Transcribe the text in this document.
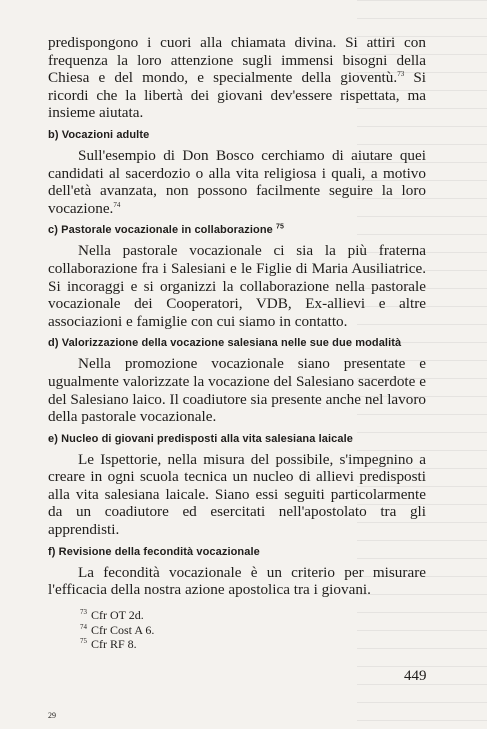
predispongono i cuori alla chiamata divina. Si attiri con frequenza la loro attenzione sugli immensi bisogni della Chiesa e del mondo, e specialmente della gioventù.$^{73}$ Si ricordi che la libertà dei giovani dev'essere rispettata, ma insieme aiutata.

b) Vocazioni adulte

Sull'esempio di Don Bosco cerchiamo di aiutare quei candidati al sacerdozio o alla vita religiosa i quali, a motivo dell'età avanzata, non possono facilmente seguire la loro vocazione.$^{74}$

c) Pastorale vocazionale in collaborazione $^{75}$

Nella pastorale vocazionale ci sia la più fraterna collaborazione fra i Salesiani e le Figlie di Maria Ausiliatrice. Si incoraggi e si organizzi la collaborazione nella pastorale vocazionale dei Cooperatori, VDB, Ex-allievi e altre associazioni e famiglie con cui siamo in contatto.

d) Valorizzazione della vocazione salesiana nelle sue due modalità

Nella promozione vocazionale siano presentate e ugualmente valorizzate la vocazione del Salesiano sacerdote e del Salesiano laico. Il coadiutore sia presente anche nel lavoro della pastorale vocazionale.

e) Nucleo di giovani predisposti alla vita salesiana laicale

Le Ispettorie, nella misura del possibile, s'impegnino a creare in ogni scuola tecnica un nucleo di allievi predisposti alla vita salesiana laicale. Siano essi seguiti particolarmente da un coadiutore ed esercitati nell'apostolato tra gli apprendisti.

f) Revisione della fecondità vocazionale

La fecondità vocazionale è un criterio per misurare l'efficacia della nostra azione apostolica tra i giovani.

$^{73}$ Cfr OT 2d.
$^{74}$ Cfr Cost A 6.
$^{75}$ Cfr RF 8.
449
29
